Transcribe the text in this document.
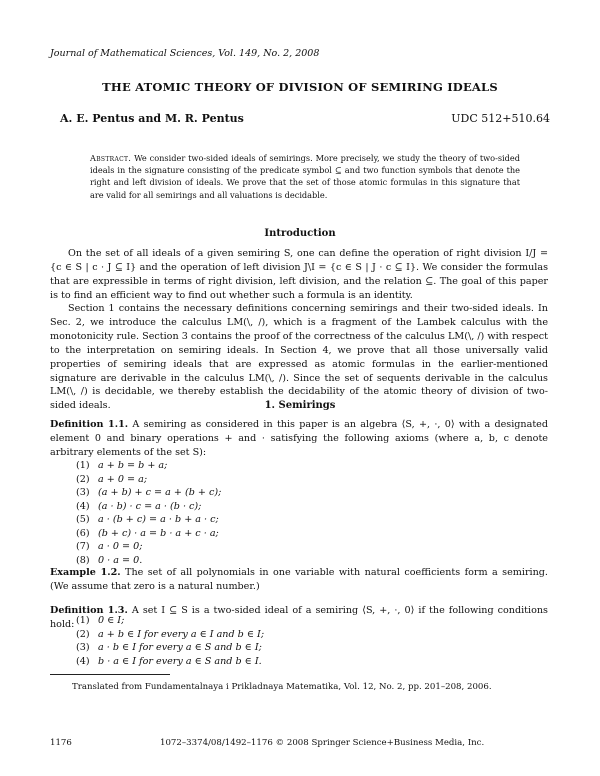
Journal of Mathematical Sciences, Vol. 149, No. 2, 2008
THE ATOMIC THEORY OF DIVISION OF SEMIRING IDEALS
A. E. Pentus and M. R. Pentus	UDC 512+510.64
Abstract. We consider two-sided ideals of semirings. More precisely, we study the theory of two-sided ideals in the signature consisting of the predicate symbol ⊆ and two function symbols that denote the right and left division of ideals. We prove that the set of those atomic formulas in this signature that are valid for all semirings and all valuations is decidable.
Introduction
On the set of all ideals of a given semiring S, one can define the operation of right division I/J = {c ∈ S | c · J ⊆ I} and the operation of left division J\I = {c ∈ S | J · c ⊆ I}. We consider the formulas that are expressible in terms of right division, left division, and the relation ⊆. The goal of this paper is to find an efficient way to find out whether such a formula is an identity.
Section 1 contains the necessary definitions concerning semirings and their two-sided ideals. In Sec. 2, we introduce the calculus LM(\, /), which is a fragment of the Lambek calculus with the monotonicity rule. Section 3 contains the proof of the correctness of the calculus LM(\, /) with respect to the interpretation on semiring ideals. In Section 4, we prove that all those universally valid properties of semiring ideals that are expressed as atomic formulas in the earlier-mentioned signature are derivable in the calculus LM(\, /). Since the set of sequents derivable in the calculus LM(\, /) is decidable, we thereby establish the decidability of the atomic theory of division of two-sided ideals.	1. Semirings
Definition 1.1. A semiring as considered in this paper is an algebra ⟨S, +, ·, 0⟩ with a designated element 0 and binary operations + and · satisfying the following axioms (where a, b, c denote arbitrary elements of the set S):
(1) a + b = b + a;
(2) a + 0 = a;
(3) (a + b) + c = a + (b + c);
(4) (a · b) · c = a · (b · c);
(5) a · (b + c) = a · b + a · c;
(6) (b + c) · a = b · a + c · a;
(7) a · 0 = 0;
(8) 0 · a = 0.
Example 1.2. The set of all polynomials in one variable with natural coefficients form a semiring. (We assume that zero is a natural number.)
Definition 1.3. A set I ⊆ S is a two-sided ideal of a semiring ⟨S, +, ·, 0⟩ if the following conditions hold: (1) 0 ∈ I;
(2) a + b ∈ I for every a ∈ I and b ∈ I;
(3) a · b ∈ I for every a ∈ S and b ∈ I;
(4) b · a ∈ I for every a ∈ S and b ∈ I.
Translated from Fundamentalnaya i Prikladnaya Matematika, Vol. 12, No. 2, pp. 201–208, 2006.
1176	1072–3374/08/1492–1176 © 2008 Springer Science+Business Media, Inc.
